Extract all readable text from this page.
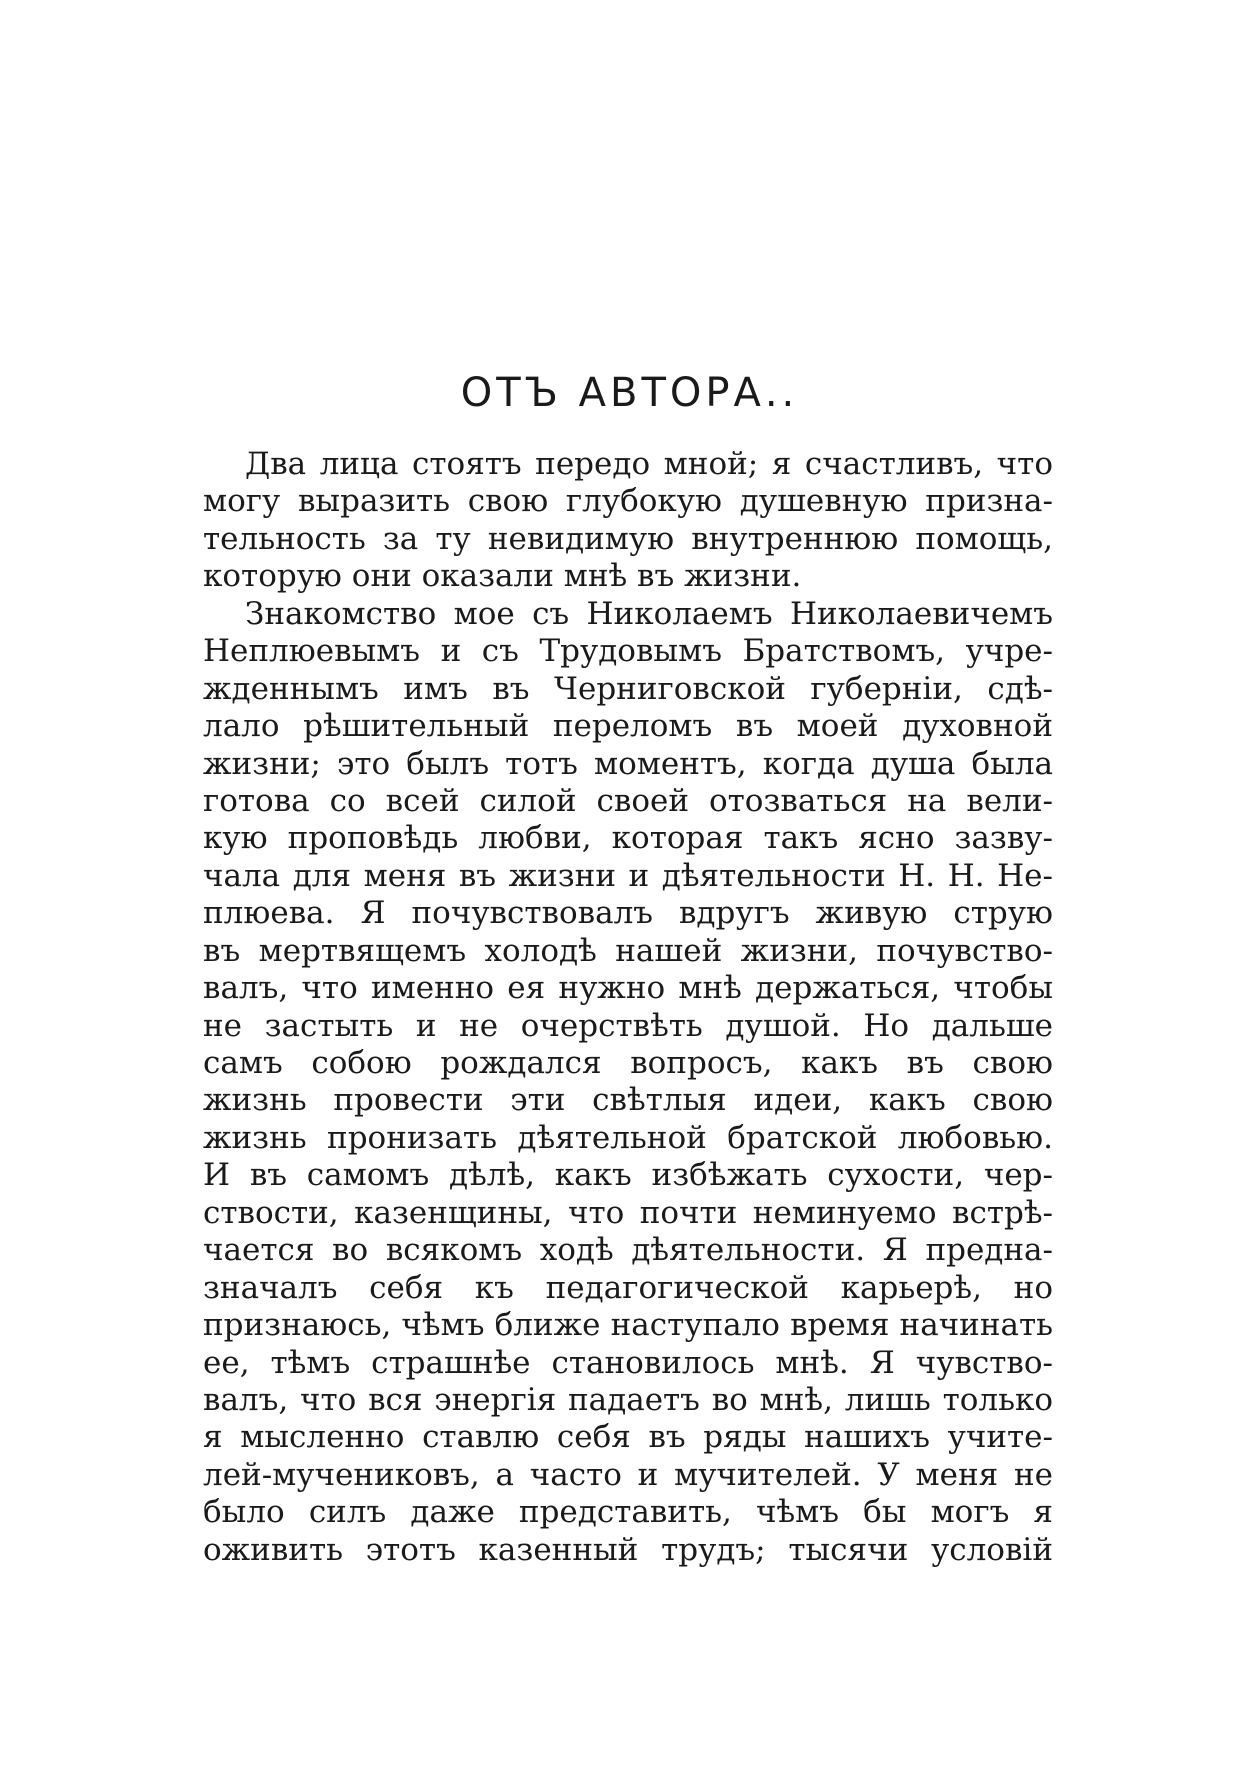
ОТЪ АВТОРА..
Два лица стоятъ передо мной; я счастливъ, что
могу выразить свою глубокую душевную призна-
тельность за ту невидимую внутреннюю помощь,
которую они оказали мнѣ въ жизни.
Знакомство мое съ Николаемъ Николаевичемъ
Неплюевымъ и съ Трудовымъ Братствомъ, учре-
жденнымъ имъ въ Черниговской губерніи, сдѣ-
лало рѣшительный переломъ въ моей духовной
жизни; это былъ тотъ моментъ, когда душа была
готова со всей силой своей отозваться на вели-
кую проповѣдь любви, которая такъ ясно зазву-
чала для меня въ жизни и дѣятельности Н. Н. Не-
плюева. Я почувствовалъ вдругъ живую струю
въ мертвящемъ холодѣ нашей жизни, почувство-
валъ, что именно ея нужно мнѣ держаться, чтобы
не застыть и не очерствѣть душой. Но дальше
самъ собою рождался вопросъ, какъ въ свою
жизнь провести эти свѣтлыя идеи, какъ свою
жизнь пронизать дѣятельной братской любовью.
И въ самомъ дѣлѣ, какъ избѣжать сухости, чер-
ствости, казенщины, что почти неминуемо встрѣ-
чается во всякомъ ходѣ дѣятельности. Я предна-
значалъ себя къ педагогической карьерѣ, но
признаюсь, чѣмъ ближе наступало время начинать
ее, тѣмъ страшнѣе становилось мнѣ. Я чувство-
валъ, что вся энергія падаетъ во мнѣ, лишь только
я мысленно ставлю себя въ ряды нашихъ учите-
лей-мучениковъ, а часто и мучителей. У меня не
было силъ даже представить, чѣмъ бы могъ я
оживить этотъ казенный трудъ; тысячи условій
